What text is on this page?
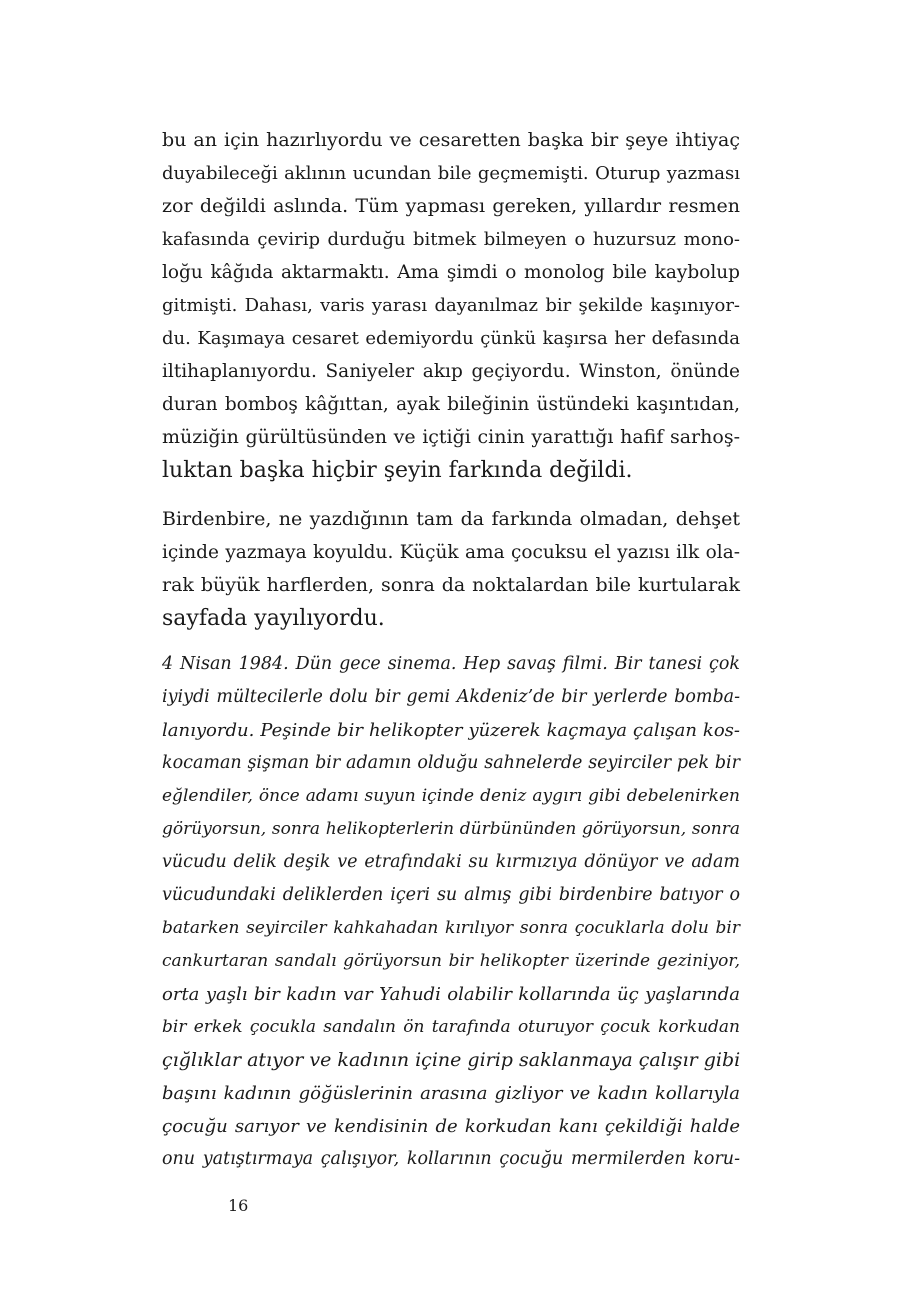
bu an için hazırlıyordu ve cesaretten başka bir şeye ihtiyaç
duyabileceği aklının ucundan bile geçmemişti. Oturup yazması
zor değildi aslında. Tüm yapması gereken, yıllardır resmen
kafasında çevirip durduğu bitmek bilmeyen o huzursuz mono-
loğu kâğıda aktarmaktı. Ama şimdi o monolog bile kaybolup
gitmişti. Dahası, varis yarası dayanılmaz bir şekilde kaşınıyor-
du. Kaşımaya cesaret edemiyordu çünkü kaşırsa her defasında
iltihaplanıyordu. Saniyeler akıp geçiyordu. Winston, önünde
duran bomboş kâğıttan, ayak bileğinin üstündeki kaşıntıdan,
müziğin gürültüsünden ve içtiği cinin yarattığı hafif sarhoş-
luktan başka hiçbir şeyin farkında değildi.
Birdenbire, ne yazdığının tam da farkında olmadan, dehşet
içinde yazmaya koyuldu. Küçük ama çocuksu el yazısı ilk ola-
rak büyük harflerden, sonra da noktalardan bile kurtularak
sayfada yayılıyordu.
4 Nisan 1984. Dün gece sinema. Hep savaş filmi. Bir tanesi çok
iyiydi mültecilerle dolu bir gemi Akdeniz’de bir yerlerde bomba-
lanıyordu. Peşinde bir helikopter yüzerek kaçmaya çalışan kos-
kocaman şişman bir adamın olduğu sahnelerde seyirciler pek bir
eğlendiler, önce adamı suyun içinde deniz aygırı gibi debelenirken
görüyorsun, sonra helikopterlerin dürbününden görüyorsun, sonra
vücudu delik deşik ve etrafındaki su kırmızıya dönüyor ve adam
vücudundaki deliklerden içeri su almış gibi birdenbire batıyor o
batarken seyirciler kahkahadan kırılıyor sonra çocuklarla dolu bir
cankurtaran sandalı görüyorsun bir helikopter üzerinde geziniyor,
orta yaşlı bir kadın var Yahudi olabilir kollarında üç yaşlarında
bir erkek çocukla sandalın ön tarafında oturuyor çocuk korkudan
çığlıklar atıyor ve kadının içine girip saklanmaya çalışır gibi
başını kadının göğüslerinin arasına gizliyor ve kadın kollarıyla
çocuğu sarıyor ve kendisinin de korkudan kanı çekildiği halde
onu yatıştırmaya çalışıyor, kollarının çocuğu mermilerden koru-
16
